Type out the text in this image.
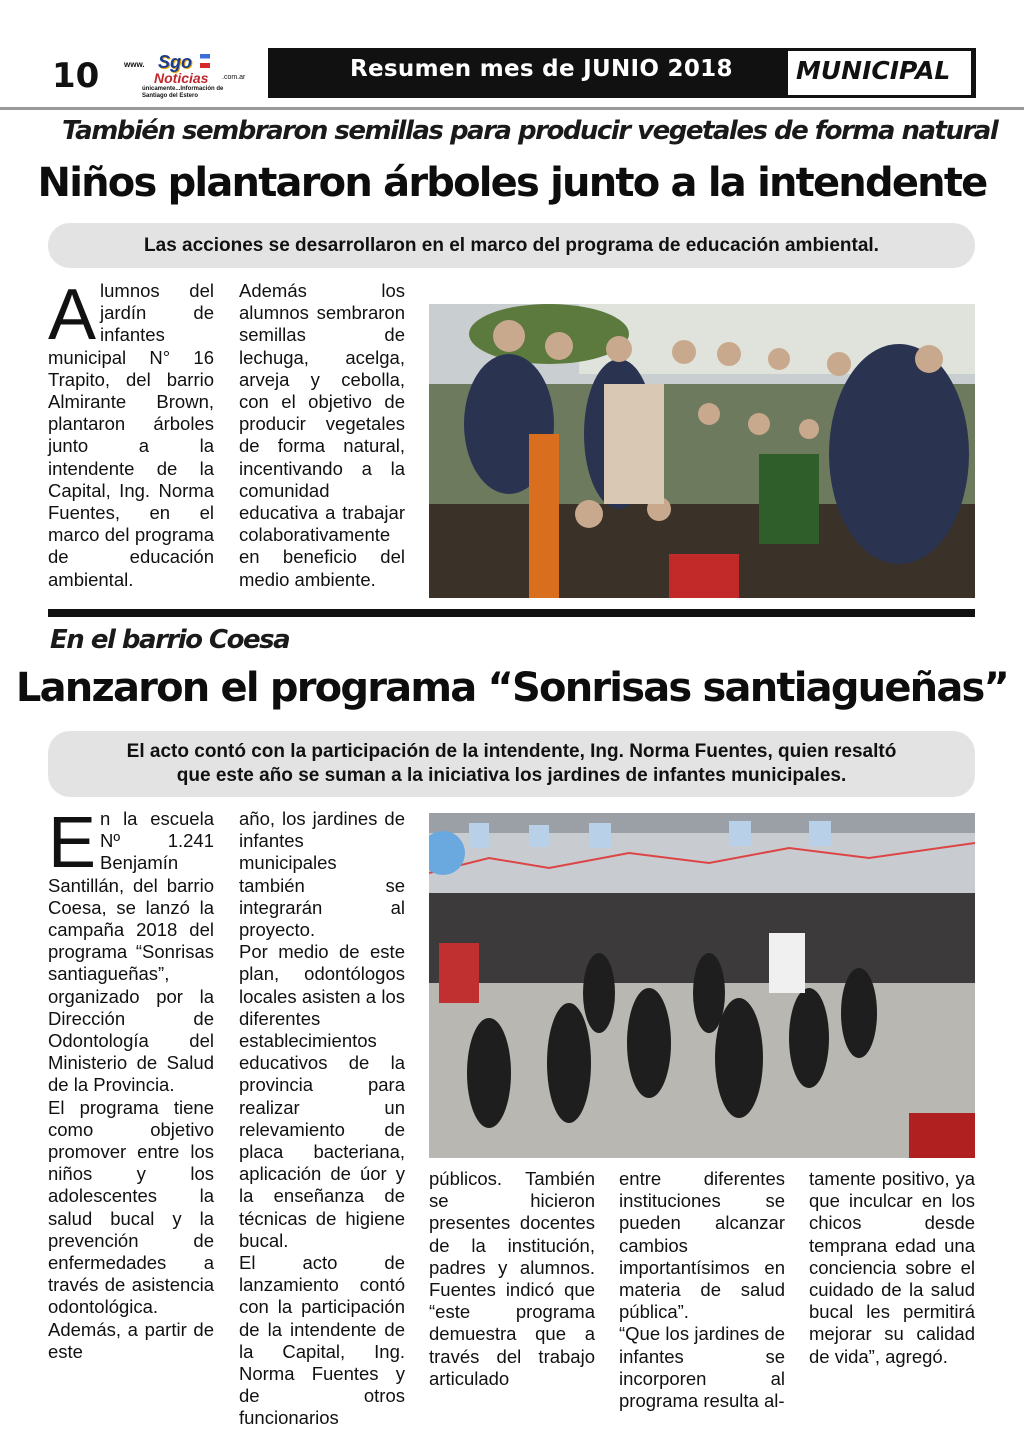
10	www. Sgo
Noticias .com.ar
únicamente...Información de
Santiago del Estero
Resumen mes de JUNIO 2018	MUNICIPAL
También sembraron semillas para producir vegetales de forma natural
Niños plantaron árboles junto a la intendente
Las acciones se desarrollaron en el marco del programa de educación ambiental.
A lumnos del jardín de infantes municipal N° 16 Trapito, del barrio Almirante Brown, plantaron árboles junto a la intendente de la Capital, Ing. Norma Fuentes, en el marco del programa de educación ambiental.
Además los alumnos sembraron semillas de lechuga, acelga, arveja y cebolla, con el objetivo de producir vegetales de forma natural, incentivando a la comunidad educativa a trabajar colaborativamente en beneficio del medio ambiente.
En el barrio Coesa
Lanzaron el programa “Sonrisas santiagueñas”
El acto contó con la participación de la intendente, Ing. Norma Fuentes, quien resaltó
que este año se suman a la iniciativa los jardines de infantes municipales.

En la escuela Nº 1.241 Benjamín Santillán, del barrio Coesa, se lanzó la campaña 2018 del programa “Sonrisas santiagueñas”, organizado por la Dirección de Odontología del Ministerio de Salud de la Provincia.

El programa tiene como objetivo promover entre los niños y los adolescentes la salud bucal y la prevención de enfermedades a través de asistencia odontológica. Además, a partir de este

año, los jardines de infantes municipales también se integrarán al proyecto.

Por medio de este plan, odontólogos locales asisten a los diferentes establecimientos educativos de la provincia para realizar un relevamiento de placa bacteriana, aplicación de úor y la enseñanza de técnicas de higiene bucal.

El acto de lanzamiento contó con la participación de la intendente de la Capital, Ing. Norma Fuentes y de otros funcionarios

públicos. También se hicieron presentes docentes de la institución, padres y alumnos. Fuentes indicó que “este programa demuestra que a través del trabajo articulado

entre diferentes instituciones se pueden alcanzar cambios importantísimos en materia de salud pública”.

“Que los jardines de infantes se incorporen al programa resulta al-

tamente positivo, ya que inculcar en los chicos desde temprana edad una conciencia sobre el cuidado de la salud bucal les permitirá mejorar su calidad de vida”, agregó.
